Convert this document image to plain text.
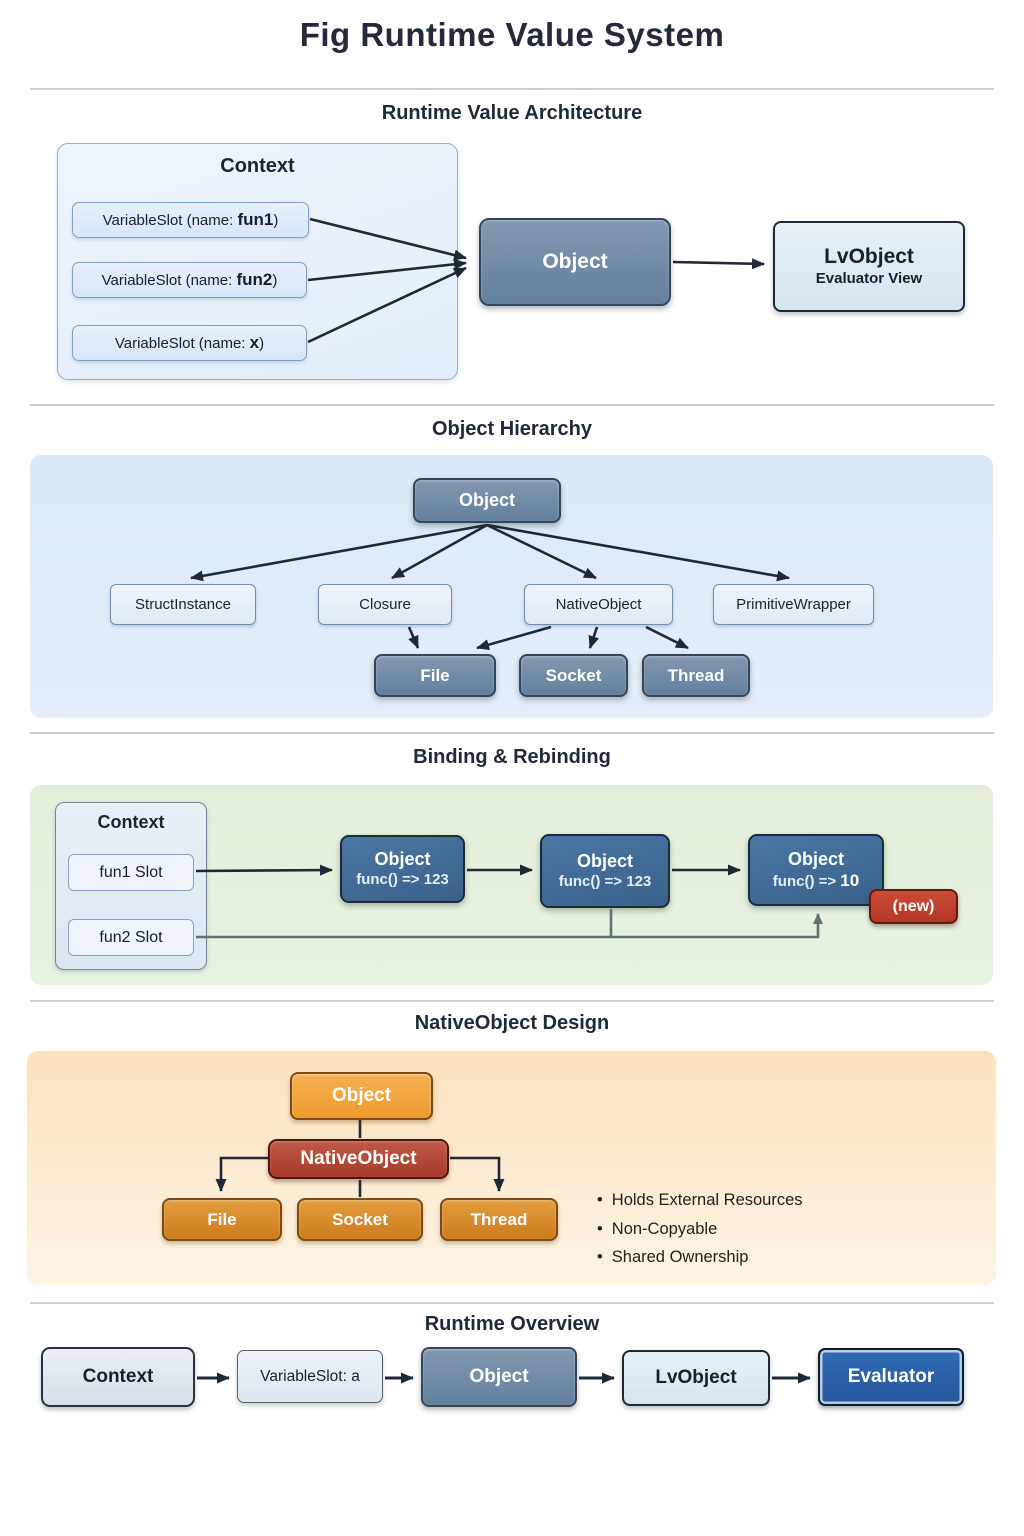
Fig Runtime Value System
Runtime Value Architecture
Context
VariableSlot (name:
fun1 )
VariableSlot (name:
fun2 )
VariableSlot (name:
x )
Object	LvObject
Evaluator View
Object Hierarchy
Object
StructInstance	Closure	NativeObject	PrimitiveWrapper
File	Socket	Thread
Binding & Rebinding
Context
fun1 Slot
fun2 Slot
Object
func() => 123
Object
func() => 123
Object
func() => 10
(new)
NativeObject Design
Object
NativeObject
File	Socket	Thread
• Holds External Resources
• Non-Copyable
• Shared Ownership
Runtime Overview
Context	VariableSlot: a	Object	LvObject	Evaluator
